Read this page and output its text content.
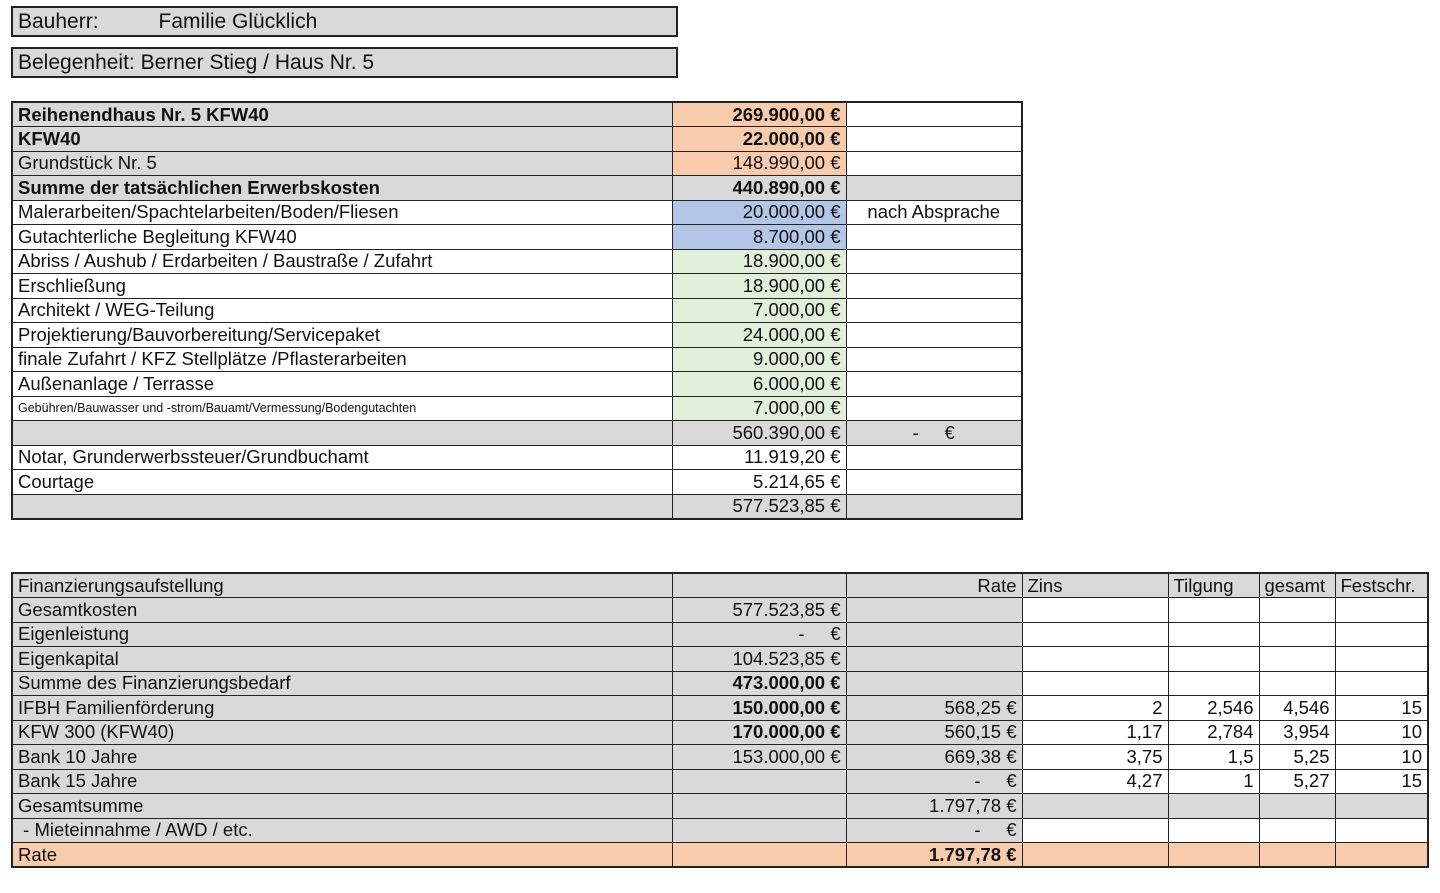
Bauherr:	Familie Glücklich
Belegenheit: Berner Stieg / Haus Nr. 5
Reihenendhaus Nr. 5 KFW40	269.900,00 €	
KFW40	22.000,00 €	
Grundstück Nr. 5	148.990,00 €	
Summe der tatsächlichen Erwerbskosten	440.890,00 €	
Malerarbeiten/Spachtelarbeiten/Boden/Fliesen	20.000,00 €	nach Absprache
Gutachterliche Begleitung KFW40	8.700,00 €	
Abriss / Aushub / Erdarbeiten / Baustraße / Zufahrt	18.900,00 €	
Erschließung	18.900,00 €	
Architekt / WEG-Teilung	7.000,00 €	
Projektierung/Bauvorbereitung/Servicepaket	24.000,00 €	
finale Zufahrt / KFZ Stellplätze /Pflasterarbeiten	9.000,00 €	
Außenanlage / Terrasse	6.000,00 €	
Gebühren/Bauwasser und -strom/Bauamt/Vermessung/Bodengutachten	7.000,00 €	
	560.390,00 €	-     €
Notar, Grunderwerbssteuer/Grundbuchamt	11.919,20 €	
Courtage	5.214,65 €	
	577.523,85 €	
Finanzierungsaufstellung		Rate	Zins	Tilgung	gesamt	Festschr.
Gesamtkosten	577.523,85 €					
Eigenleistung	-     €					
Eigenkapital	104.523,85 €					
Summe des Finanzierungsbedarf	473.000,00 €					
IFBH Familienförderung	150.000,00 €	568,25 €	2	2,546	4,546	15
KFW 300 (KFW40)	170.000,00 €	560,15 €	1,17	2,784	3,954	10
Bank 10 Jahre	153.000,00 €	669,38 €	3,75	1,5	5,25	10
Bank 15 Jahre		-     €	4,27	1	5,27	15
Gesamtsumme		1.797,78 €				
- Mieteinnahme / AWD / etc.		-     €				
Rate		1.797,78 €				
